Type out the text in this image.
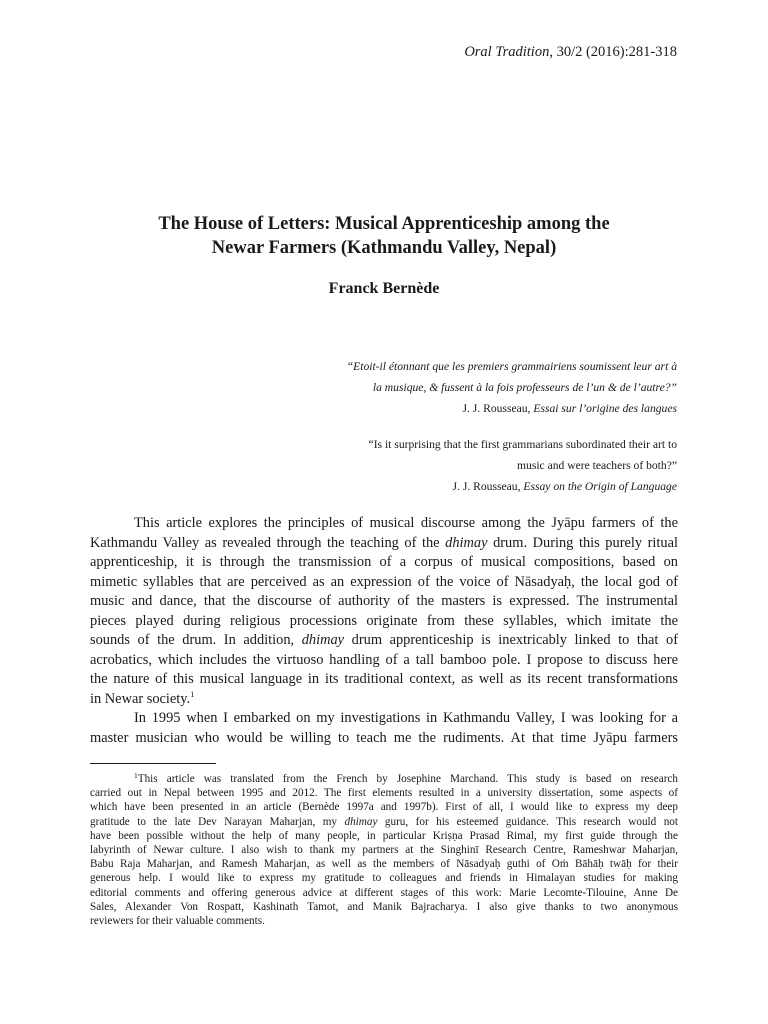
Oral Tradition, 30/2 (2016):281-318
The House of Letters: Musical Apprenticeship among the
Newar Farmers (Kathmandu Valley, Nepal)
Franck Bernède
“Etoit-il étonnant que les premiers grammairiens soumissent leur art à
la musique, & fussent à la fois professeurs de l’un & de l’autre?”
J. J. Rousseau, Essai sur l’origine des langues
“Is it surprising that the first grammarians subordinated their art to
music and were teachers of both?”
J. J. Rousseau, Essay on the Origin of Language
This article explores the principles of musical discourse among the Jyāpu farmers of the
Kathmandu Valley as revealed through the teaching of the dhimay drum. During this purely ritual
apprenticeship, it is through the transmission of a corpus of musical compositions, based on
mimetic syllables that are perceived as an expression of the voice of Nāsadyaḥ, the local god of
music and dance, that the discourse of authority of the masters is expressed. The instrumental
pieces played during religious processions originate from these syllables, which imitate the
sounds of the drum. In addition, dhimay drum apprenticeship is inextricably linked to that of
acrobatics, which includes the virtuoso handling of a tall bamboo pole. I propose to discuss here
the nature of this musical language in its traditional context, as well as its recent transformations
in Newar society.$^1$
In 1995 when I embarked on my investigations in Kathmandu Valley, I was looking for a
master musician who would be willing to teach me the rudiments. At that time Jyāpu farmers
$^1$This article was translated from the French by Josephine Marchand. This study is based on research
carried out in Nepal between 1995 and 2012. The first elements resulted in a university dissertation, some aspects of
which have been presented in an article (Bernède 1997a and 1997b). First of all, I would like to express my deep
gratitude to the late Dev Narayan Maharjan, my dhimay guru, for his esteemed guidance. This research would not
have been possible without the help of many people, in particular Kriṣṇa Prasad Rimal, my first guide through the
labyrinth of Newar culture. I also wish to thank my partners at the Singhinī Research Centre, Rameshwar Maharjan,
Babu Raja Maharjan, and Ramesh Maharjan, as well as the members of Nāsadyaḥ guthi of Oṁ Bāhāḥ twāḥ for their
generous help. I would like to express my gratitude to colleagues and friends in Himalayan studies for making
editorial comments and offering generous advice at different stages of this work: Marie Lecomte-Tilouine, Anne De
Sales, Alexander Von Rospatt, Kashinath Tamot, and Manik Bajracharya. I also give thanks to two anonymous
reviewers for their valuable comments.
